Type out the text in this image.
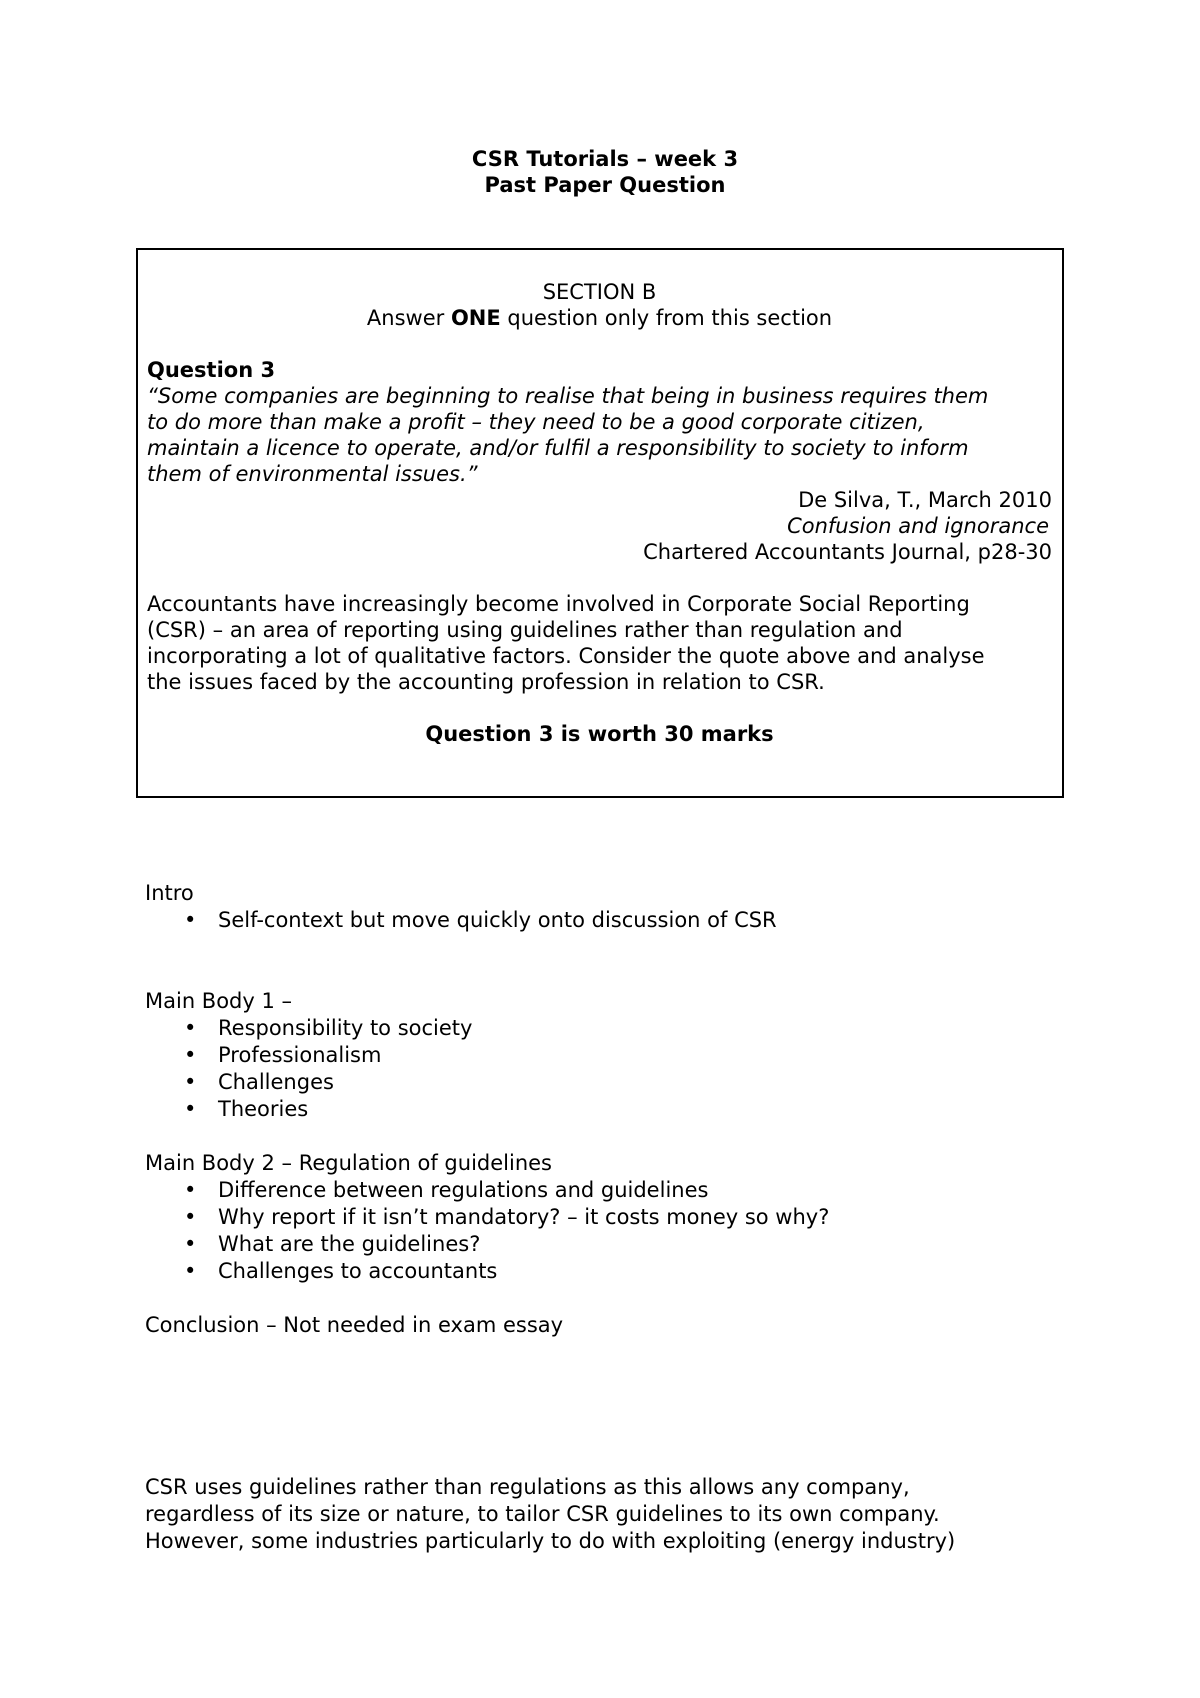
CSR Tutorials – week 3
Past Paper Question
SECTION B
Answer ONE question only from this section
Question 3
“Some companies are beginning to realise that being in business requires them
to do more than make a profit – they need to be a good corporate citizen,
maintain a licence to operate, and/or fulfil a responsibility to society to inform
them of environmental issues.”
De Silva, T., March 2010
Confusion and ignorance
Chartered Accountants Journal, p28-30
Accountants have increasingly become involved in Corporate Social Reporting
(CSR) – an area of reporting using guidelines rather than regulation and
incorporating a lot of qualitative factors. Consider the quote above and analyse
the issues faced by the accounting profession in relation to CSR.
Question 3 is worth 30 marks
Intro
• Self-context but move quickly onto discussion of CSR
Main Body 1 –
• Responsibility to society
• Professionalism
• Challenges
• Theories
Main Body 2 – Regulation of guidelines
• Difference between regulations and guidelines
• Why report if it isn’t mandatory? – it costs money so why?
• What are the guidelines?
• Challenges to accountants
Conclusion – Not needed in exam essay
CSR uses guidelines rather than regulations as this allows any company,
regardless of its size or nature, to tailor CSR guidelines to its own company.
However, some industries particularly to do with exploiting (energy industry)
